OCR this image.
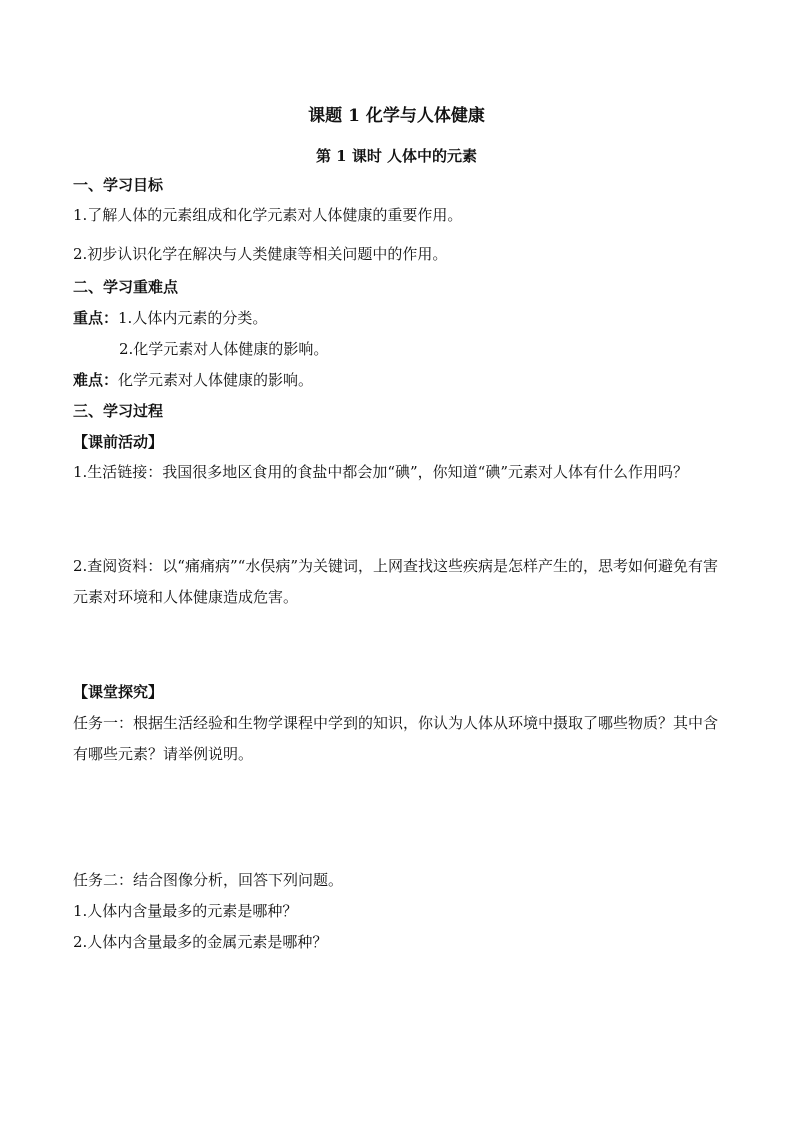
课题 1 化学与人体健康
第 1 课时 人体中的元素
一、学习目标
1.了解人体的元素组成和化学元素对人体健康的重要作用。
2.初步认识化学在解决与人类健康等相关问题中的作用。
二、学习重难点
重点：1.人体内元素的分类。
2.化学元素对人体健康的影响。
难点：化学元素对人体健康的影响。
三、学习过程
【课前活动】
1.生活链接：我国很多地区食用的食盐中都会加“碘”，你知道“碘”元素对人体有什么作用吗？
2.查阅资料：以“痛痛病”“水俣病”为关键词，上网查找这些疾病是怎样产生的，思考如何避免有害元素对环境和人体健康造成危害。
【课堂探究】
任务一：根据生活经验和生物学课程中学到的知识，你认为人体从环境中摄取了哪些物质？其中含有哪些元素？请举例说明。
任务二：结合图像分析，回答下列问题。
1.人体内含量最多的元素是哪种？
2.人体内含量最多的金属元素是哪种？
